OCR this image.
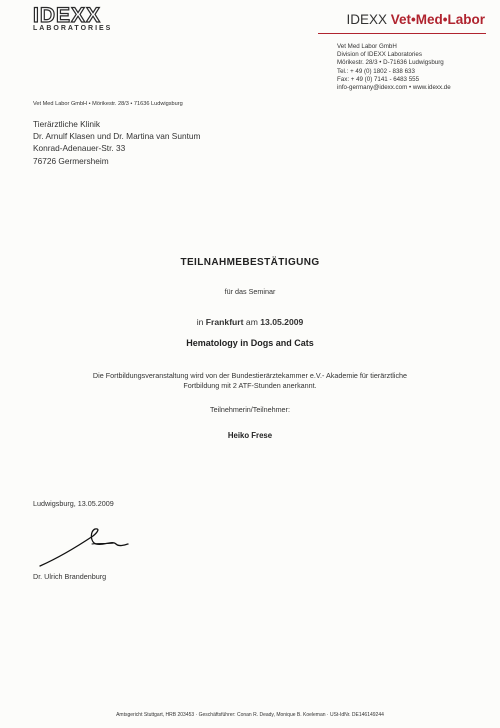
IDEXX
LABORATORIES
IDEXX Vet•Med•Labor
Vet Med Labor GmbH
Division of IDEXX Laboratories
Mörikestr. 28/3 • D-71636 Ludwigsburg
Tel.: + 49 (0) 1802 - 838 633
Fax: + 49 (0) 7141 - 6483 555
info-germany@idexx.com • www.idexx.de
Vet Med Labor GmbH • Mörikestr. 28/3 • 71636 Ludwigsburg
Tierärztliche Klinik
Dr. Arnulf Klasen und Dr. Martina van Suntum
Konrad-Adenauer-Str. 33
76726 Germersheim
TEILNAHMEBESTÄTIGUNG
für das Seminar
in Frankfurt am 13.05.2009
Hematology in Dogs and Cats
Die Fortbildungsveranstaltung wird von der Bundestierärztekammer e.V.- Akademie für tierärztliche
Fortbildung mit 2 ATF-Stunden anerkannt.
Teilnehmerin/Teilnehmer:
Heiko Frese
Ludwigsburg, 13.05.2009
Dr. Ulrich Brandenburg
Amtsgericht Stuttgart, HRB 203453 · Geschäftsführer: Conan R. Deady, Monique B. Koeleman · USt-IdNr. DE146149244
